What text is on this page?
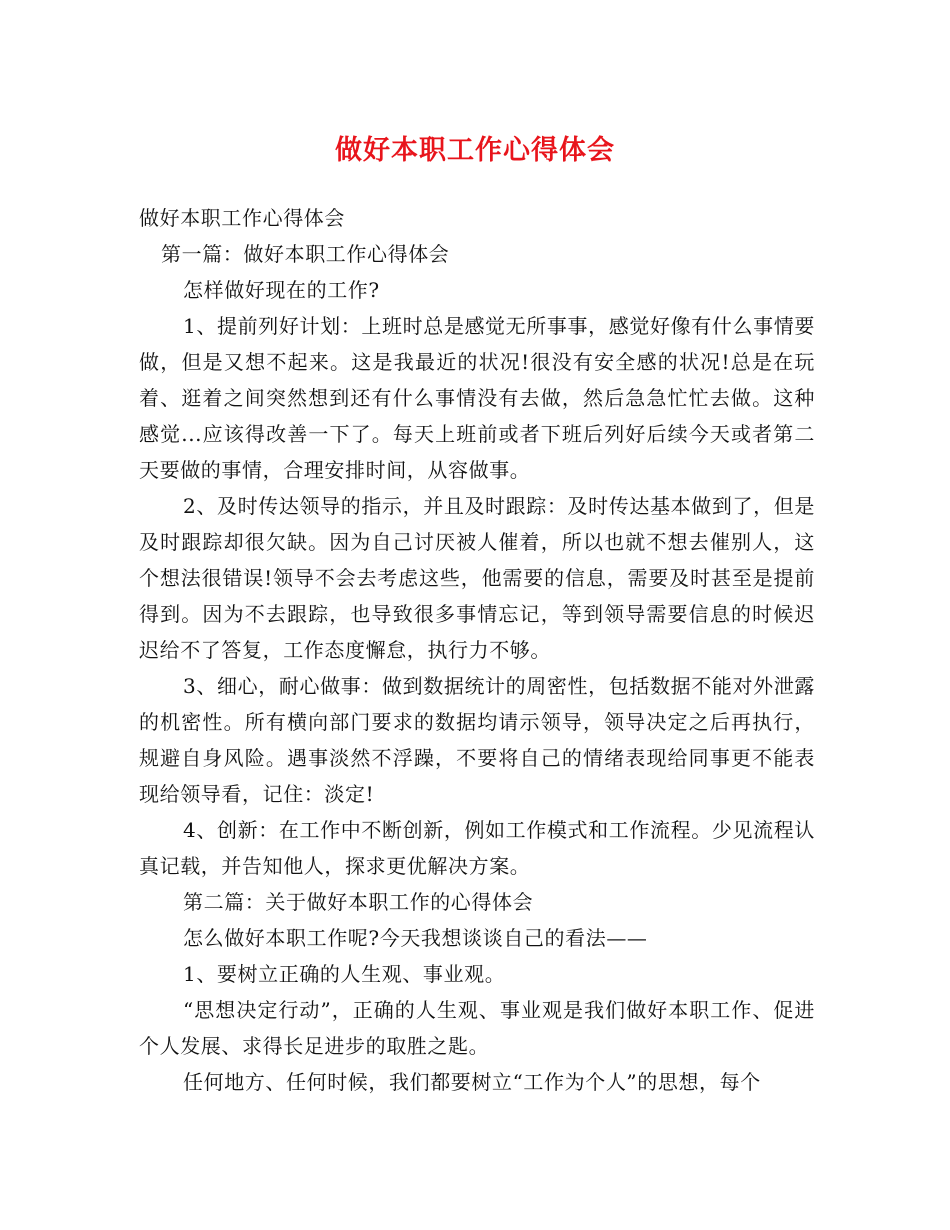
做好本职工作心得体会

做好本职工作心得体会

第一篇：做好本职工作心得体会

怎样做好现在的工作?

1、提前列好计划：上班时总是感觉无所事事，感觉好像有什么事情要做，但是又想不起来。这是我最近的状况!很没有安全感的状况!总是在玩着、逛着之间突然想到还有什么事情没有去做，然后急急忙忙去做。这种感觉...应该得改善一下了。每天上班前或者下班后列好后续今天或者第二天要做的事情，合理安排时间，从容做事。

2、及时传达领导的指示，并且及时跟踪：及时传达基本做到了，但是及时跟踪却很欠缺。因为自己讨厌被人催着，所以也就不想去催别人，这个想法很错误!领导不会去考虑这些，他需要的信息，需要及时甚至是提前得到。因为不去跟踪，也导致很多事情忘记，等到领导需要信息的时候迟迟给不了答复，工作态度懈怠，执行力不够。

3、细心，耐心做事：做到数据统计的周密性，包括数据不能对外泄露的机密性。所有横向部门要求的数据均请示领导，领导决定之后再执行，规避自身风险。遇事淡然不浮躁，不要将自己的情绪表现给同事更不能表现给领导看，记住：淡定!

4、创新：在工作中不断创新，例如工作模式和工作流程。少见流程认真记载，并告知他人，探求更优解决方案。

第二篇：关于做好本职工作的心得体会

怎么做好本职工作呢?今天我想谈谈自己的看法——

1、要树立正确的人生观、事业观。

“思想决定行动”，正确的人生观、事业观是我们做好本职工作、促进个人发展、求得长足进步的取胜之匙。

任何地方、任何时候，我们都要树立“工作为个人”的思想，每个
